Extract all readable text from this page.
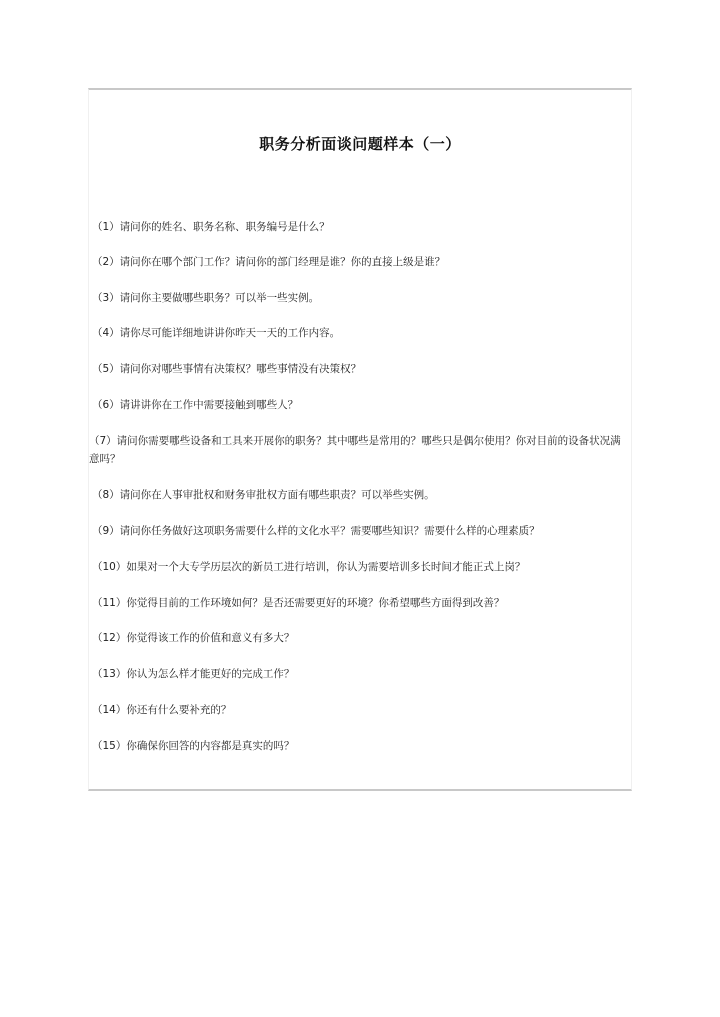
职务分析面谈问题样本（一）
（1）请问你的姓名、职务名称、职务编号是什么？
（2）请问你在哪个部门工作？请问你的部门经理是谁？你的直接上级是谁？
（3）请问你主要做哪些职务？可以举一些实例。
（4）请你尽可能详细地讲讲你昨天一天的工作内容。
（5）请问你对哪些事情有决策权？哪些事情没有决策权？
（6）请讲讲你在工作中需要接触到哪些人？
（7）请问你需要哪些设备和工具来开展你的职务？其中哪些是常用的？哪些只是偶尔使用？你对目前的设备状况满意吗？
（8）请问你在人事审批权和财务审批权方面有哪些职责？可以举些实例。
（9）请问你任务做好这项职务需要什么样的文化水平？需要哪些知识？需要什么样的心理素质？
（10）如果对一个大专学历层次的新员工进行培训，你认为需要培训多长时间才能正式上岗？
（11）你觉得目前的工作环境如何？是否还需要更好的环境？你希望哪些方面得到改善？
（12）你觉得该工作的价值和意义有多大？
（13）你认为怎么样才能更好的完成工作？
（14）你还有什么要补充的？
（15）你确保你回答的内容都是真实的吗？
